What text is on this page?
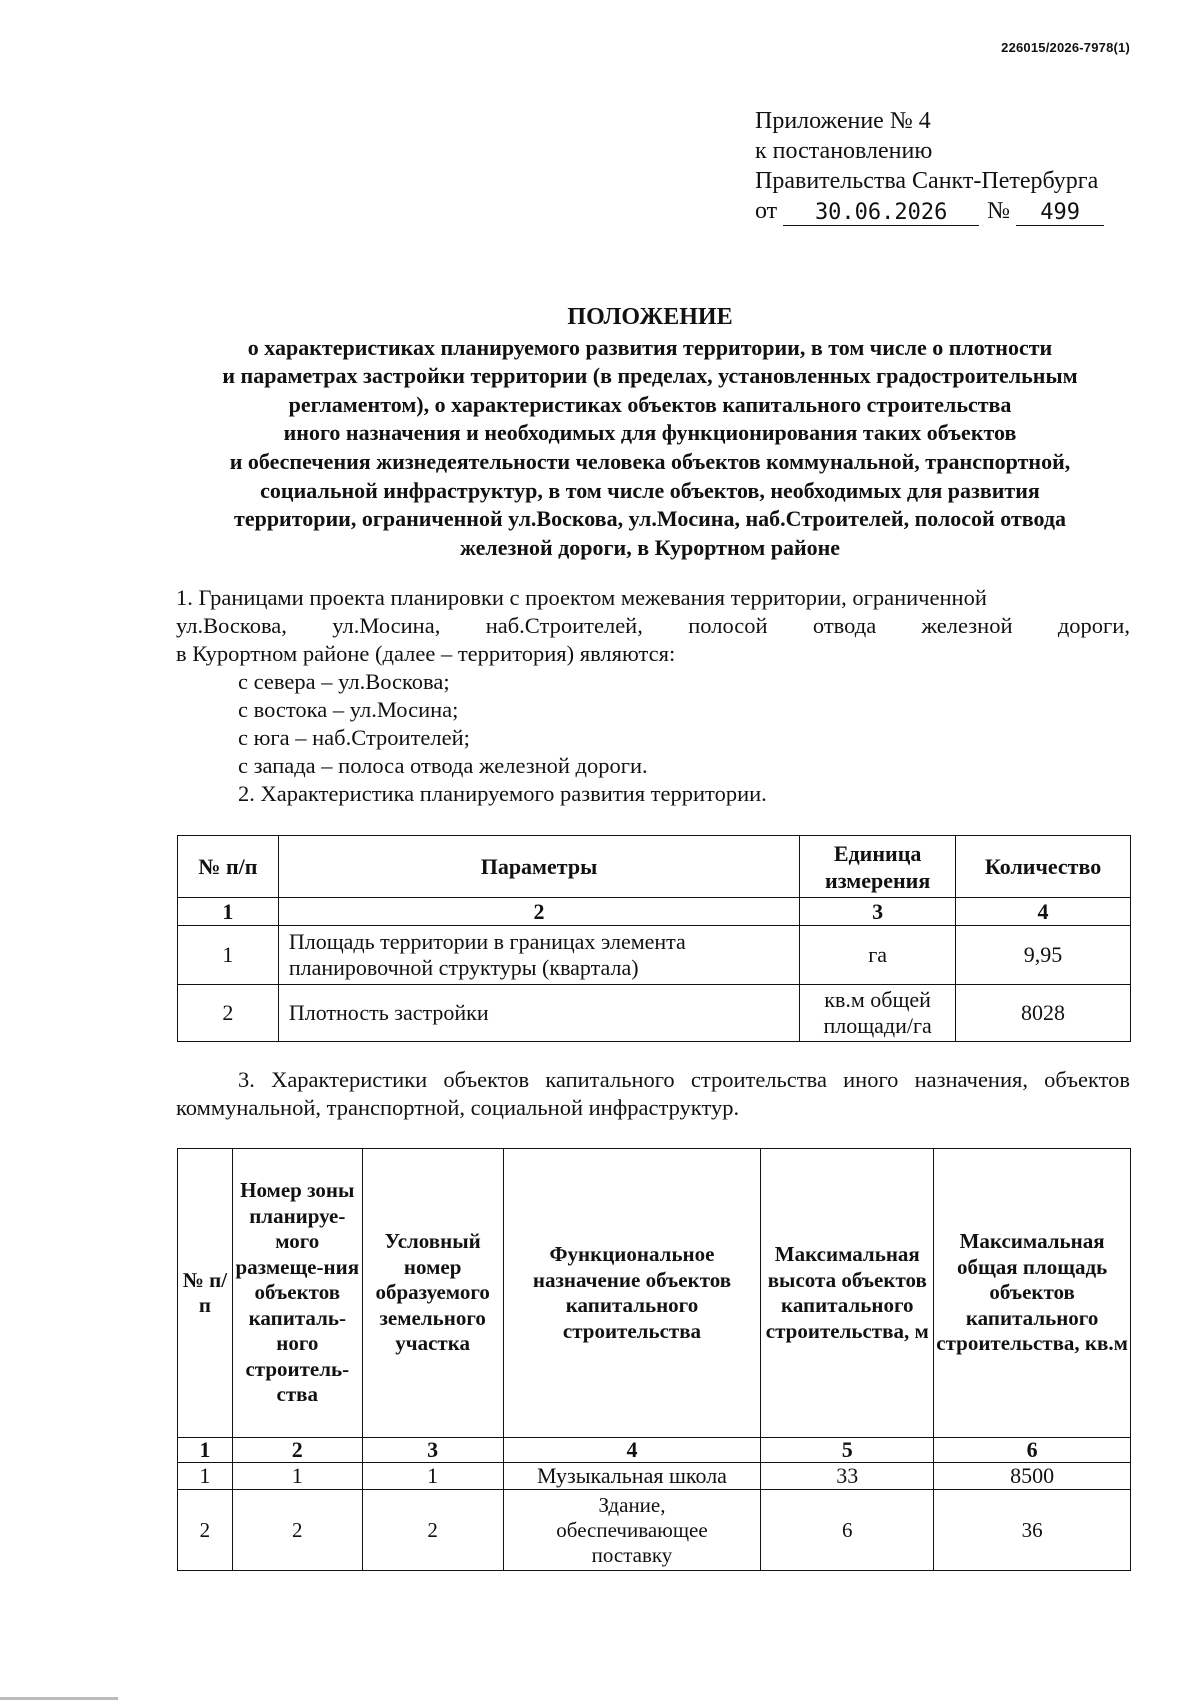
226015/2026-7978(1)
Приложение № 4
к постановлению
Правительства Санкт-Петербурга
от	30.06.2026	№	499
ПОЛОЖЕНИЕ
о характеристиках планируемого развития территории, в том числе о плотности
и параметрах застройки территории (в пределах, установленных градостроительным
регламентом), о характеристиках объектов капитального строительства
иного назначения и необходимых для функционирования таких объектов
и обеспечения жизнедеятельности человека объектов коммунальной, транспортной,
социальной инфраструктур, в том числе объектов, необходимых для развития
территории, ограниченной ул.Воскова, ул.Мосина, наб.Строителей, полосой отвода
железной дороги, в Курортном районе
1. Границами проекта планировки с проектом межевания территории, ограниченной
ул.Воскова, ул.Мосина, наб.Строителей, полосой отвода железной дороги,
в Курортном районе (далее – территория) являются:
с севера – ул.Воскова;
с востока – ул.Мосина;
с юга – наб.Строителей;
с запада – полоса отвода железной дороги.
2. Характеристика планируемого развития территории.
№ п/п	Параметры	Единица измерения	Количество
1	2	3	4
1	Площадь территории в границах элемента планировочной структуры (квартала)	га	9,95
2	Плотность застройки	кв.м общей площади/га	8028
3. Характеристики объектов капитального строительства иного назначения, объектов коммунальной, транспортной, социальной инфраструктур.
№ п/п	Номер зоны планируе-мого размеще-ния объектов капиталь-ного строитель-ства	Условный номер образуемого земельного участка	Функциональное назначение объектов капитального строительства	Максимальная высота объектов капитального строительства, м	Максимальная общая площадь объектов капитального строительства, кв.м
1	2	3	4	5	6
1	1	1	Музыкальная школа	33	8500
2	2	2	Здание, обеспечивающее поставку	6	36
